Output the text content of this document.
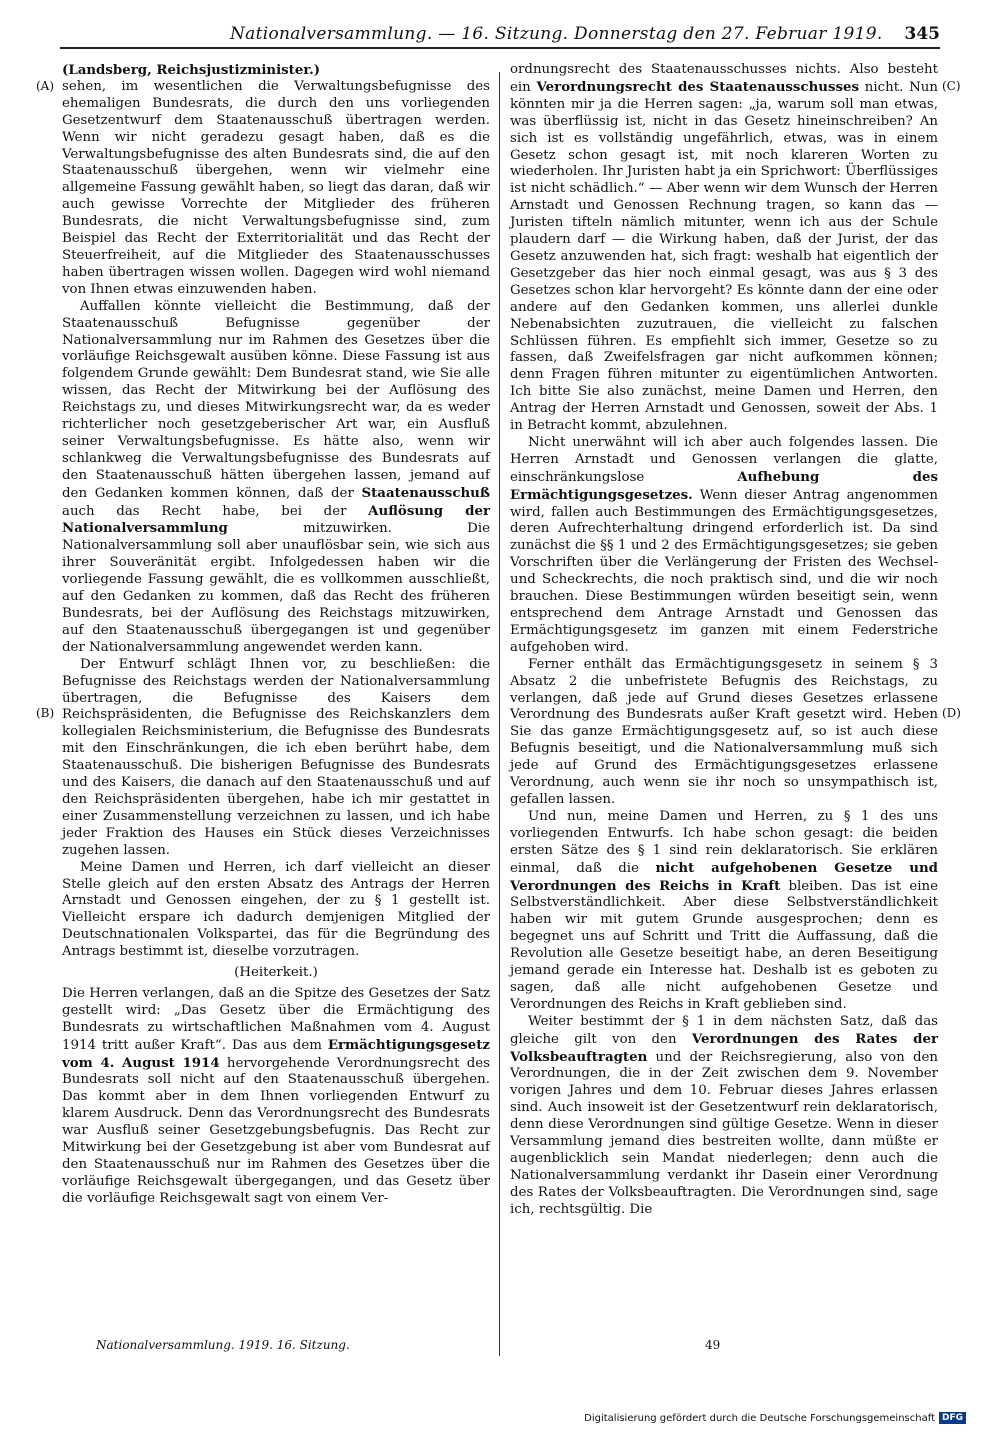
Nationalversammlung. — 16. Sitzung. Donnerstag den 27. Februar 1919. 345
(A)
(B)
(C)
(D)

(Landsberg, Reichsjustizminister.)

sehen, im wesentlichen die Verwaltungsbefugnisse des ehemaligen Bundesrats, die durch den uns vorliegenden Gesetzentwurf dem Staatenausschuß übertragen werden. Wenn wir nicht geradezu gesagt haben, daß es die Verwaltungsbefugnisse des alten Bundesrats sind, die auf den Staatenausschuß übergehen, wenn wir vielmehr eine allgemeine Fassung gewählt haben, so liegt das daran, daß wir auch gewisse Vorrechte der Mitglieder des früheren Bundesrats, die nicht Verwaltungsbefugnisse sind, zum Beispiel das Recht der Exterritorialität und das Recht der Steuerfreiheit, auf die Mitglieder des Staatenausschusses haben übertragen wissen wollen. Dagegen wird wohl niemand von Ihnen etwas einzuwenden haben.

Auffallen könnte vielleicht die Bestimmung, daß der Staatenausschuß Befugnisse gegenüber der Nationalversammlung nur im Rahmen des Gesetzes über die vorläufige Reichsgewalt ausüben könne. Diese Fassung ist aus folgendem Grunde gewählt: Dem Bundesrat stand, wie Sie alle wissen, das Recht der Mitwirkung bei der Auflösung des Reichstags zu, und dieses Mitwirkungsrecht war, da es weder richterlicher noch gesetzgeberischer Art war, ein Ausfluß seiner Verwaltungsbefugnisse. Es hätte also, wenn wir schlankweg die Verwaltungsbefugnisse des Bundesrats auf den Staatenausschuß hätten übergehen lassen, jemand auf den Gedanken kommen können, daß der Staatenausschuß auch das Recht habe, bei der Auflösung der Nationalversammlung mitzuwirken. Die Nationalversammlung soll aber unauflösbar sein, wie sich aus ihrer Souveränität ergibt. Infolgedessen haben wir die vorliegende Fassung gewählt, die es vollkommen ausschließt, auf den Gedanken zu kommen, daß das Recht des früheren Bundesrats, bei der Auflösung des Reichstags mitzuwirken, auf den Staatenausschuß übergegangen ist und gegenüber der Nationalversammlung angewendet werden kann.

Der Entwurf schlägt Ihnen vor, zu beschließen: die Befugnisse des Reichstags werden der Nationalversammlung übertragen, die Befugnisse des Kaisers dem Reichspräsidenten, die Befugnisse des Reichskanzlers dem kollegialen Reichsministerium, die Befugnisse des Bundesrats mit den Einschränkungen, die ich eben berührt habe, dem Staatenausschuß. Die bisherigen Befugnisse des Bundesrats und des Kaisers, die danach auf den Staatenausschuß und auf den Reichspräsidenten übergehen, habe ich mir gestattet in einer Zusammenstellung verzeichnen zu lassen, und ich habe jeder Fraktion des Hauses ein Stück dieses Verzeichnisses zugehen lassen.

Meine Damen und Herren, ich darf vielleicht an dieser Stelle gleich auf den ersten Absatz des Antrags der Herren Arnstadt und Genossen eingehen, der zu § 1 gestellt ist. Vielleicht erspare ich dadurch demjenigen Mitglied der Deutschnationalen Volkspartei, das für die Begründung des Antrags bestimmt ist, dieselbe vorzutragen.

(Heiterkeit.)

Die Herren verlangen, daß an die Spitze des Gesetzes der Satz gestellt wird: „Das Gesetz über die Ermächtigung des Bundesrats zu wirtschaftlichen Maßnahmen vom 4. August 1914 tritt außer Kraft“. Das aus dem Ermächtigungsgesetz vom 4. August 1914 hervorgehende Verordnungsrecht des Bundesrats soll nicht auf den Staatenausschuß übergehen. Das kommt aber in dem Ihnen vorliegenden Entwurf zu klarem Ausdruck. Denn das Verordnungsrecht des Bundesrats war Ausfluß seiner Gesetzgebungsbefugnis. Das Recht zur Mitwirkung bei der Gesetzgebung ist aber vom Bundesrat auf den Staatenausschuß nur im Rahmen des Gesetzes über die vorläufige Reichsgewalt übergegangen, und das Gesetz über die vorläufige Reichsgewalt sagt von einem Ver-

ordnungsrecht des Staatenausschusses nichts. Also besteht ein Verordnungsrecht des Staatenausschusses nicht. Nun könnten mir ja die Herren sagen: „ja, warum soll man etwas, was überflüssig ist, nicht in das Gesetz hineinschreiben? An sich ist es vollständig ungefährlich, etwas, was in einem Gesetz schon gesagt ist, mit noch klareren Worten zu wiederholen. Ihr Juristen habt ja ein Sprichwort: Überflüssiges ist nicht schädlich.“ — Aber wenn wir dem Wunsch der Herren Arnstadt und Genossen Rechnung tragen, so kann das — Juristen tifteln nämlich mitunter, wenn ich aus der Schule plaudern darf — die Wirkung haben, daß der Jurist, der das Gesetz anzuwenden hat, sich fragt: weshalb hat eigentlich der Gesetzgeber das hier noch einmal gesagt, was aus § 3 des Gesetzes schon klar hervorgeht? Es könnte dann der eine oder andere auf den Gedanken kommen, uns allerlei dunkle Nebenabsichten zuzutrauen, die vielleicht zu falschen Schlüssen führen. Es empfiehlt sich immer, Gesetze so zu fassen, daß Zweifelsfragen gar nicht aufkommen können; denn Fragen führen mitunter zu eigentümlichen Antworten. Ich bitte Sie also zunächst, meine Damen und Herren, den Antrag der Herren Arnstadt und Genossen, soweit der Abs. 1 in Betracht kommt, abzulehnen.

Nicht unerwähnt will ich aber auch folgendes lassen. Die Herren Arnstadt und Genossen verlangen die glatte, einschränkungslose Aufhebung des Ermächtigungsgesetzes. Wenn dieser Antrag angenommen wird, fallen auch Bestimmungen des Ermächtigungsgesetzes, deren Aufrechterhaltung dringend erforderlich ist. Da sind zunächst die §§ 1 und 2 des Ermächtigungsgesetzes; sie geben Vorschriften über die Verlängerung der Fristen des Wechsel- und Scheckrechts, die noch praktisch sind, und die wir noch brauchen. Diese Bestimmungen würden beseitigt sein, wenn entsprechend dem Antrage Arnstadt und Genossen das Ermächtigungsgesetz im ganzen mit einem Federstriche aufgehoben wird.

Ferner enthält das Ermächtigungsgesetz in seinem § 3 Absatz 2 die unbefristete Befugnis des Reichstags, zu verlangen, daß jede auf Grund dieses Gesetzes erlassene Verordnung des Bundesrats außer Kraft gesetzt wird. Heben Sie das ganze Ermächtigungsgesetz auf, so ist auch diese Befugnis beseitigt, und die Nationalversammlung muß sich jede auf Grund des Ermächtigungsgesetzes erlassene Verordnung, auch wenn sie ihr noch so unsympathisch ist, gefallen lassen.

Und nun, meine Damen und Herren, zu § 1 des uns vorliegenden Entwurfs. Ich habe schon gesagt: die beiden ersten Sätze des § 1 sind rein deklaratorisch. Sie erklären einmal, daß die nicht aufgehobenen Gesetze und Verordnungen des Reichs in Kraft bleiben. Das ist eine Selbstverständlichkeit. Aber diese Selbstverständlichkeit haben wir mit gutem Grunde ausgesprochen; denn es begegnet uns auf Schritt und Tritt die Auffassung, daß die Revolution alle Gesetze beseitigt habe, an deren Beseitigung jemand gerade ein Interesse hat. Deshalb ist es geboten zu sagen, daß alle nicht aufgehobenen Gesetze und Verordnungen des Reichs in Kraft geblieben sind.

Weiter bestimmt der § 1 in dem nächsten Satz, daß das gleiche gilt von den Verordnungen des Rates der Volksbeauftragten und der Reichsregierung, also von den Verordnungen, die in der Zeit zwischen dem 9. November vorigen Jahres und dem 10. Februar dieses Jahres erlassen sind. Auch insoweit ist der Gesetzentwurf rein deklaratorisch, denn diese Verordnungen sind gültige Gesetze. Wenn in dieser Versammlung jemand dies bestreiten wollte, dann müßte er augenblicklich sein Mandat niederlegen; denn auch die Nationalversammlung verdankt ihr Dasein einer Verordnung des Rates der Volksbeauftragten. Die Verordnungen sind, sage ich, rechtsgültig. Die

Nationalversammlung. 1919. 16. Sitzung.	49
Digitalisierung gefördert durch die Deutsche Forschungsgemeinschaft DFG
